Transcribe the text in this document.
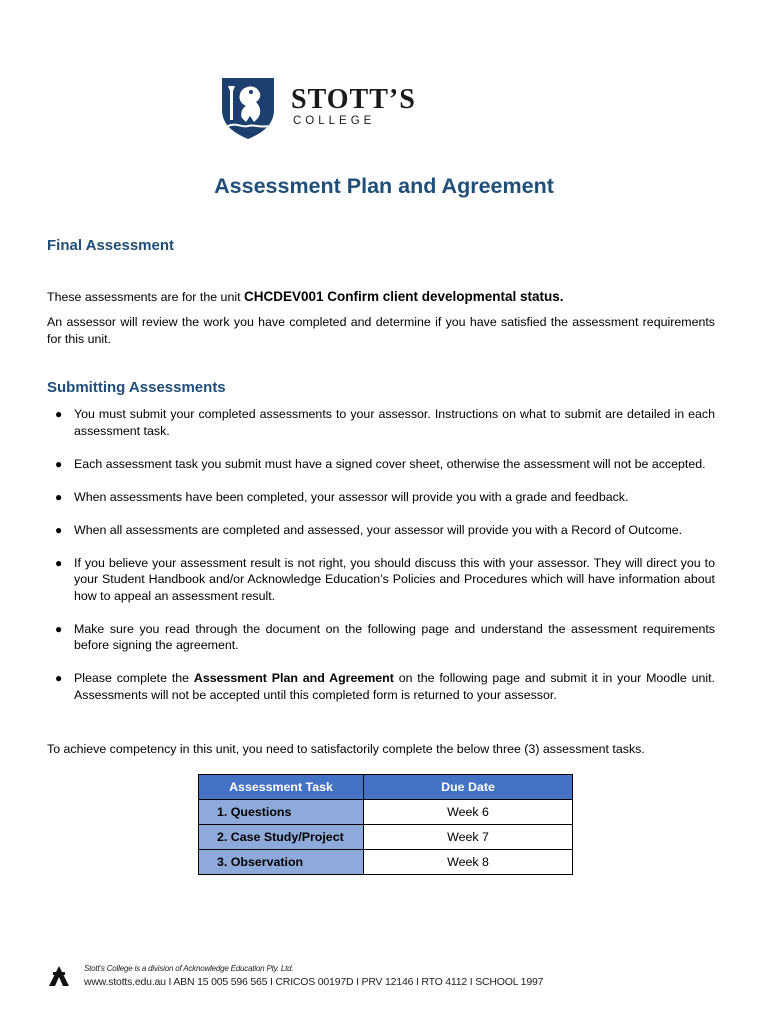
STOTT’S
COLLEGE
Assessment Plan and Agreement
Final Assessment

These assessments are for the unit CHCDEV001 Confirm client developmental status.

An assessor will review the work you have completed and determine if you have satisfied the assessment requirements for this unit.

Submitting Assessments
● You must submit your completed assessments to your assessor. Instructions on what to submit are detailed in each assessment task.
● Each assessment task you submit must have a signed cover sheet, otherwise the assessment will not be accepted.
● When assessments have been completed, your assessor will provide you with a grade and feedback.
● When all assessments are completed and assessed, your assessor will provide you with a Record of Outcome.
● If you believe your assessment result is not right, you should discuss this with your assessor. They will direct you to your Student Handbook and/or Acknowledge Education’s Policies and Procedures which will have information about how to appeal an assessment result.
● Make sure you read through the document on the following page and understand the assessment requirements before signing the agreement.
● Please complete the Assessment Plan and Agreement on the following page and submit it in your Moodle unit. Assessments will not be accepted until this completed form is returned to your assessor.

To achieve competency in this unit, you need to satisfactorily complete the below three (3) assessment tasks.

Assessment Task	Due Date
1. Questions	Week 6
2. Case Study/Project	Week 7
3. Observation	Week 8
Stott’s College is a division of Acknowledge Education Pty. Ltd.
www.stotts.edu.au I ABN 15 005 596 565 I CRICOS 00197D I PRV 12146 I RTO 4112 I SCHOOL 1997
